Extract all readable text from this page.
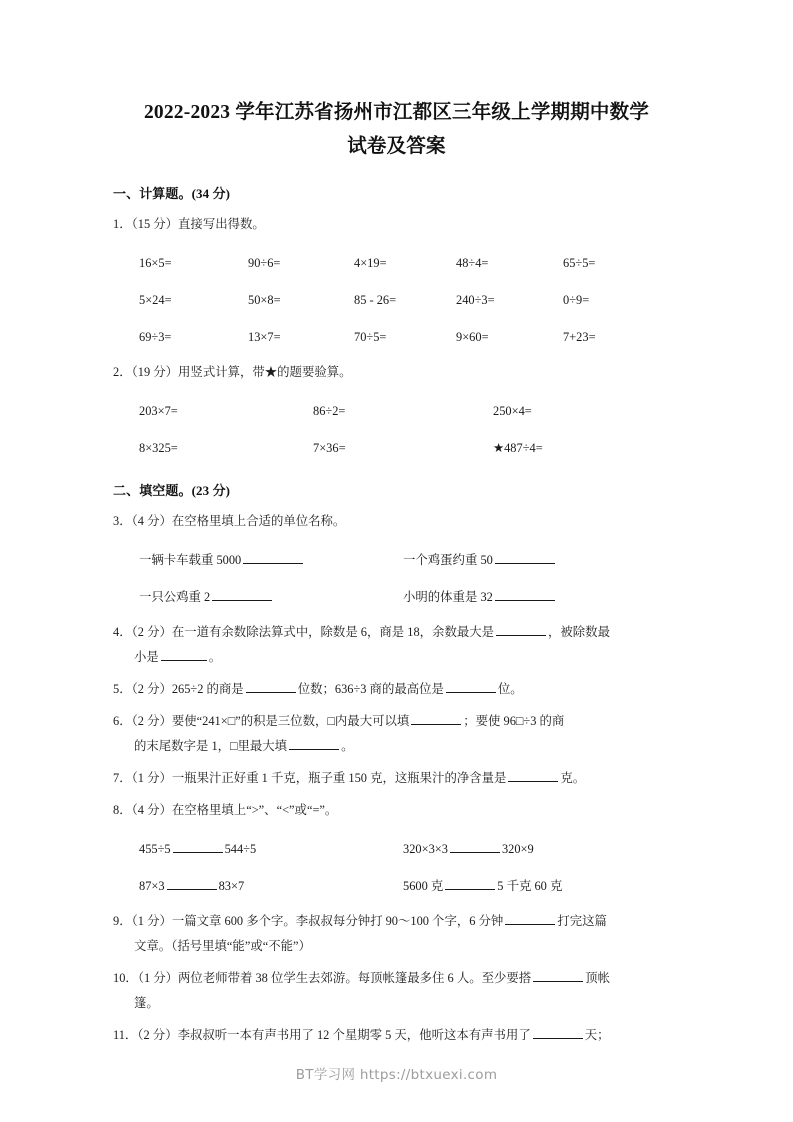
2022-2023 学年江苏省扬州市江都区三年级上学期期中数学
试卷及答案
一、计算题。(34 分)
1．（15 分）直接写出得数。
16×5=	90÷6=	4×19=	48÷4=	65÷5=
5×24=	50×8=	85 - 26=	240÷3=	0÷9=
69÷3=	13×7=	70÷5=	9×60=	7+23=
2．（19 分）用竖式计算，带★的题要验算。
203×7=	86÷2=	250×4=
8×325=	7×36=	★487÷4=
二、填空题。(23 分)
3．（4 分）在空格里填上合适的单位名称。
一辆卡车载重 5000	一个鸡蛋约重 50
一只公鸡重 2	小明的体重是 32
4．（2 分）在一道有余数除法算式中，除数是 6，商是 18，余数最大是	，被除数最
小是	。
5．（2 分）265÷2 的商是	位数；636÷3 商的最高位是	位。
6．（2 分）要使“241×□”的积是三位数，□内最大可以填	；要使 96□÷3 的商
的末尾数字是 1，□里最大填	。
7．（1 分）一瓶果汁正好重 1 千克，瓶子重 150 克，这瓶果汁的净含量是	克。
8．（4 分）在空格里填上“>”、“<”或“=”。
455÷5	544÷5	320×3×3	320×9
87×3	83×7	5600 克	5 千克 60 克
9．（1 分）一篇文章 600 多个字。李叔叔每分钟打 90～100 个字，6 分钟	打完这篇
文章。（括号里填“能”或“不能”）
10．（1 分）两位老师带着 38 位学生去郊游。每顶帐篷最多住 6 人。至少要搭	顶帐
篷。
11．（2 分）李叔叔听一本有声书用了 12 个星期零 5 天，他听这本有声书用了	天；
BT学习网 https://btxuexi.com
